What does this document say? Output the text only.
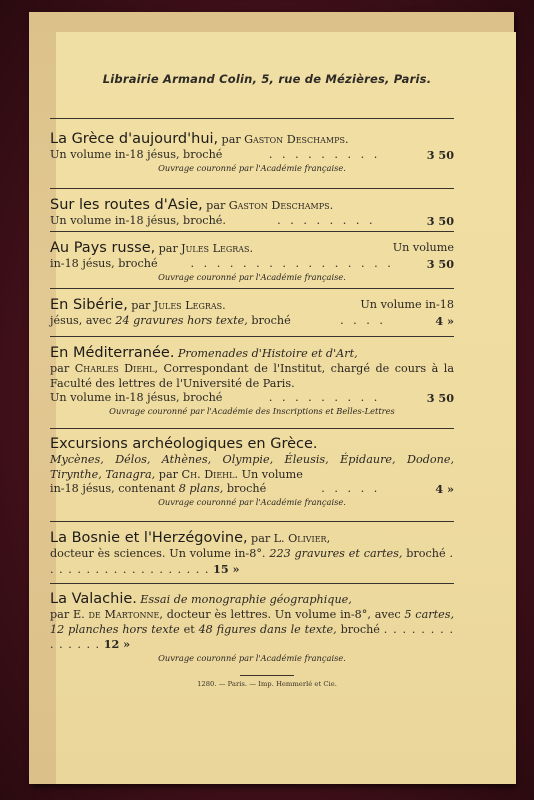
Librairie Armand Colin, 5, rue de Mézières, Paris.
La Grèce d'aujourd'hui, par Gaston Deschamps.
Un volume in-18 jésus, broché	. . . . . . . . .	3 50
Ouvrage couronné par l'Académie française.
Sur les routes d'Asie, par Gaston Deschamps.
Un volume in-18 jésus, broché.	. . . . . . . .	3 50
Au Pays russe, par Jules Legras.	Un volume
in-18 jésus, broché	. . . . . . . . . . . . . . . .	3 50
Ouvrage couronné par l'Académie française.
En Sibérie, par Jules Legras.	Un volume in-18
jésus, avec 24 gravures hors texte, broché	. . . .	4 »
En Méditerranée. Promenades d'Histoire et d'Art,
par Charles Diehl, Correspondant de l'Institut, chargé de cours à la Faculté des lettres de l'Université de Paris.
Un volume in-18 jésus, broché	. . . . . . . . .	3 50
Ouvrage couronné par l'Académie des Inscriptions et Belles-Lettres
Excursions archéologiques en Grèce.
Mycènes, Délos, Athènes, Olympie, Éleusis, Épidaure, Dodone, Tirynthe, Tanagra, par Ch. Diehl. Un volume
in-18 jésus, contenant 8 plans, broché	. . . . .	4 »
Ouvrage couronné par l'Académie française.
La Bosnie et l'Herzégovine, par L. Olivier,
docteur ès sciences. Un volume in-8°. 223 gravures et cartes, broché . . . . . . . . . . . . . . . . . . . 15 »
La Valachie. Essai de monographie géographique,
par E. de Martonne, docteur ès lettres. Un volume in-8°, avec 5 cartes, 12 planches hors texte et 48 figures dans le texte, broché . . . . . . . . . . . . . . 12 »
Ouvrage couronné par l'Académie française.
1280. — Paris. — Imp. Hemmerlé et Cie.
